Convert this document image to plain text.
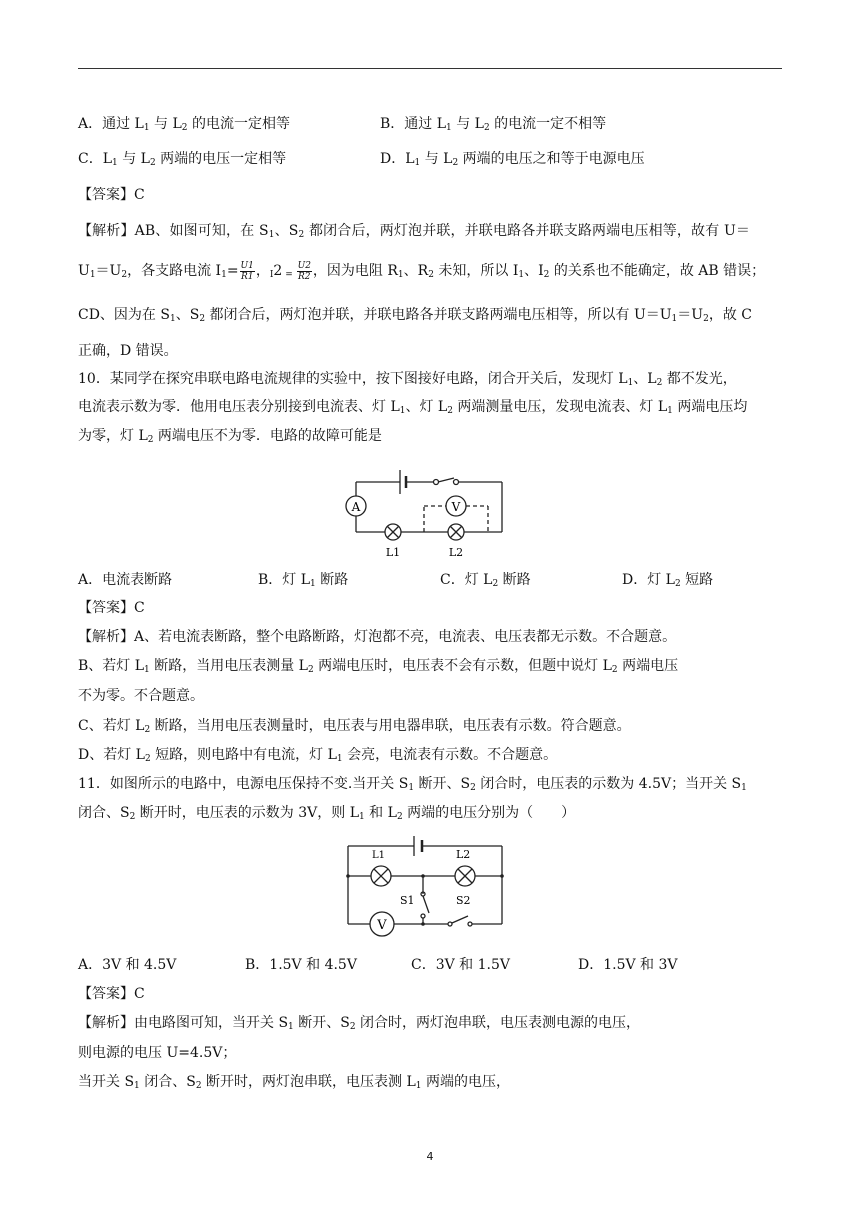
A．通过 $L_1$ 与 $L_2$ 的电流一定相等	B．通过 $L_1$ 与 $L_2$ 的电流一定不相等
C．$L_1$ 与 $L_2$ 两端的电压一定相等	D．$L_1$ 与 $L_2$ 两端的电压之和等于电源电压
【答案】C
【解析】AB、如图可知，在 $S_1$、$S_2$ 都闭合后，两灯泡并联，并联电路各并联支路两端电压相等，故有 U＝
$U_1=U_2$，各支路电流 $I_1= \frac{U1}{R1}$ ，$_I$2 $_= \frac{U2}{R2}$ ，因为电阻 $R_1$、$R_2$ 未知，所以 $I_1$、$I_2$ 的关系也不能确定，故 AB 错误；
CD、因为在 $S_1$、$S_2$ 都闭合后，两灯泡并联，并联电路各并联支路两端电压相等，所以有 $U=U_1=U_2$，故 C
正确，D 错误。
10．某同学在探究串联电路电流规律的实验中，按下图接好电路，闭合开关后，发现灯 $L_1$、$L_2$ 都不发光，
电流表示数为零．他用电压表分别接到电流表、灯 $L_1$、灯 $L_2$ 两端测量电压，发现电流表、灯 $L_1$ 两端电压均
为零，灯 $L_2$ 两端电压不为零．电路的故障可能是
A	V
L1	L2
A．电流表断路	B．灯 $L_1$ 断路	C．灯 $L_2$ 断路	D．灯 $L_2$ 短路
【答案】C
【解析】A、若电流表断路，整个电路断路，灯泡都不亮，电流表、电压表都无示数。不合题意。
B、若灯 $L_1$ 断路，当用电压表测量 $L_2$ 两端电压时，电压表不会有示数，但题中说灯 $L_2$ 两端电压
不为零。不合题意。
C、若灯 $L_2$ 断路，当用电压表测量时，电压表与用电器串联，电压表有示数。符合题意。
D、若灯 $L_2$ 短路，则电路中有电流，灯 $L_1$ 会亮，电流表有示数。不合题意。
11．如图所示的电路中，电源电压保持不变.当开关 $S_1$ 断开、$S_2$ 闭合时，电压表的示数为 4.5V；当开关 $S_1$
闭合、$S_2$ 断开时，电压表的示数为 3V，则 $L_1$ 和 $L_2$ 两端的电压分别为（　　）
L1	L2
S1	S2
V
A．3V 和 4.5V	B．1.5V 和 4.5V	C．3V 和 1.5V	D．1.5V 和 3V
【答案】C
【解析】由电路图可知，当开关 $S_1$ 断开、$S_2$ 闭合时，两灯泡串联，电压表测电源的电压，
则电源的电压 U=4.5V；
当开关 $S_1$ 闭合、$S_2$ 断开时，两灯泡串联，电压表测 $L_1$ 两端的电压，
4
